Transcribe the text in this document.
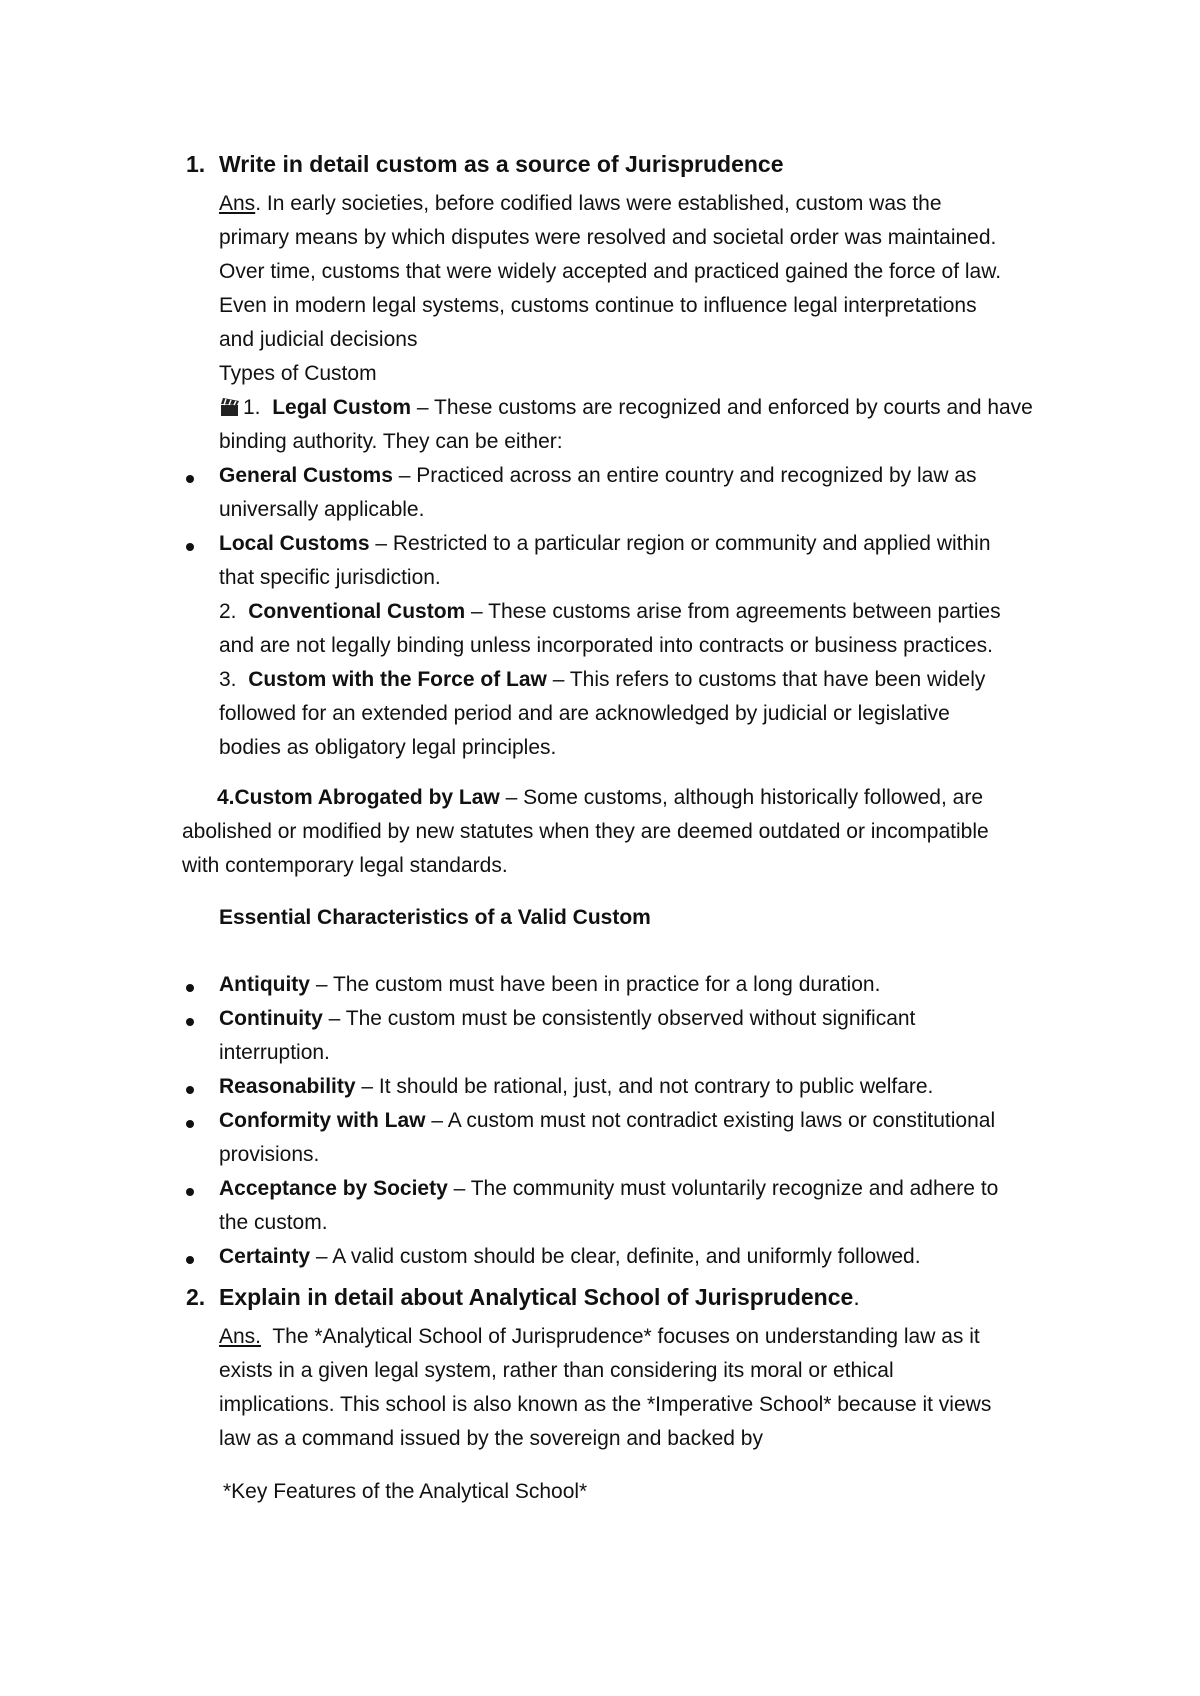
1. Write in detail custom as a source of Jurisprudence
Ans. In early societies, before codified laws were established, custom was the
primary means by which disputes were resolved and societal order was maintained.
Over time, customs that were widely accepted and practiced gained the force of law.
Even in modern legal systems, customs continue to influence legal interpretations
and judicial decisions
Types of Custom
1. Legal Custom – These customs are recognized and enforced by courts and have
binding authority. They can be either:
General Customs – Practiced across an entire country and recognized by law as
universally applicable.
Local Customs – Restricted to a particular region or community and applied within
that specific jurisdiction.
2. Conventional Custom – These customs arise from agreements between parties
and are not legally binding unless incorporated into contracts or business practices.
3. Custom with the Force of Law – This refers to customs that have been widely
followed for an extended period and are acknowledged by judicial or legislative
bodies as obligatory legal principles.
4.Custom Abrogated by Law – Some customs, although historically followed, are
abolished or modified by new statutes when they are deemed outdated or incompatible
with contemporary legal standards.
Essential Characteristics of a Valid Custom
Antiquity – The custom must have been in practice for a long duration.
Continuity – The custom must be consistently observed without significant
interruption.
Reasonability – It should be rational, just, and not contrary to public welfare.
Conformity with Law – A custom must not contradict existing laws or constitutional
provisions.
Acceptance by Society – The community must voluntarily recognize and adhere to
the custom.
Certainty – A valid custom should be clear, definite, and uniformly followed.
2. Explain in detail about Analytical School of Jurisprudence.
Ans.  The *Analytical School of Jurisprudence* focuses on understanding law as it
exists in a given legal system, rather than considering its moral or ethical
implications. This school is also known as the *Imperative School* because it views
law as a command issued by the sovereign and backed by
*Key Features of the Analytical School*
